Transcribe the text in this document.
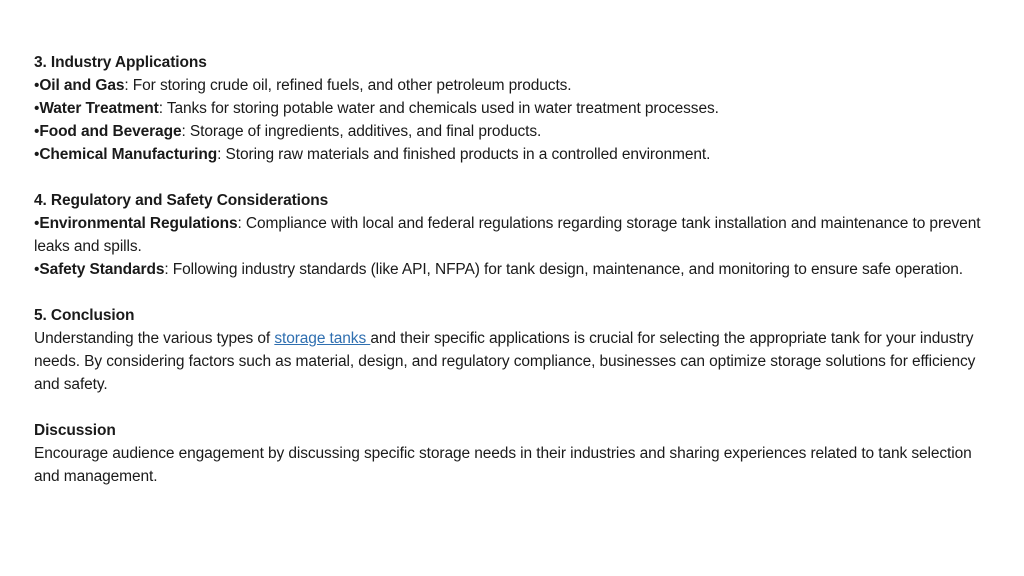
3. Industry Applications

•Oil and Gas: For storing crude oil, refined fuels, and other petroleum products.

•Water Treatment: Tanks for storing potable water and chemicals used in water treatment processes.

•Food and Beverage: Storage of ingredients, additives, and final products.

•Chemical Manufacturing: Storing raw materials and finished products in a controlled environment.

4. Regulatory and Safety Considerations

•Environmental Regulations: Compliance with local and federal regulations regarding storage tank installation and maintenance to prevent leaks and spills.

•Safety Standards: Following industry standards (like API, NFPA) for tank design, maintenance, and monitoring to ensure safe operation.

5. Conclusion

Understanding the various types of storage tanks and their specific applications is crucial for selecting the appropriate tank for your industry needs. By considering factors such as material, design, and regulatory compliance, businesses can optimize storage solutions for efficiency and safety.

Discussion

Encourage audience engagement by discussing specific storage needs in their industries and sharing experiences related to tank selection and management.
